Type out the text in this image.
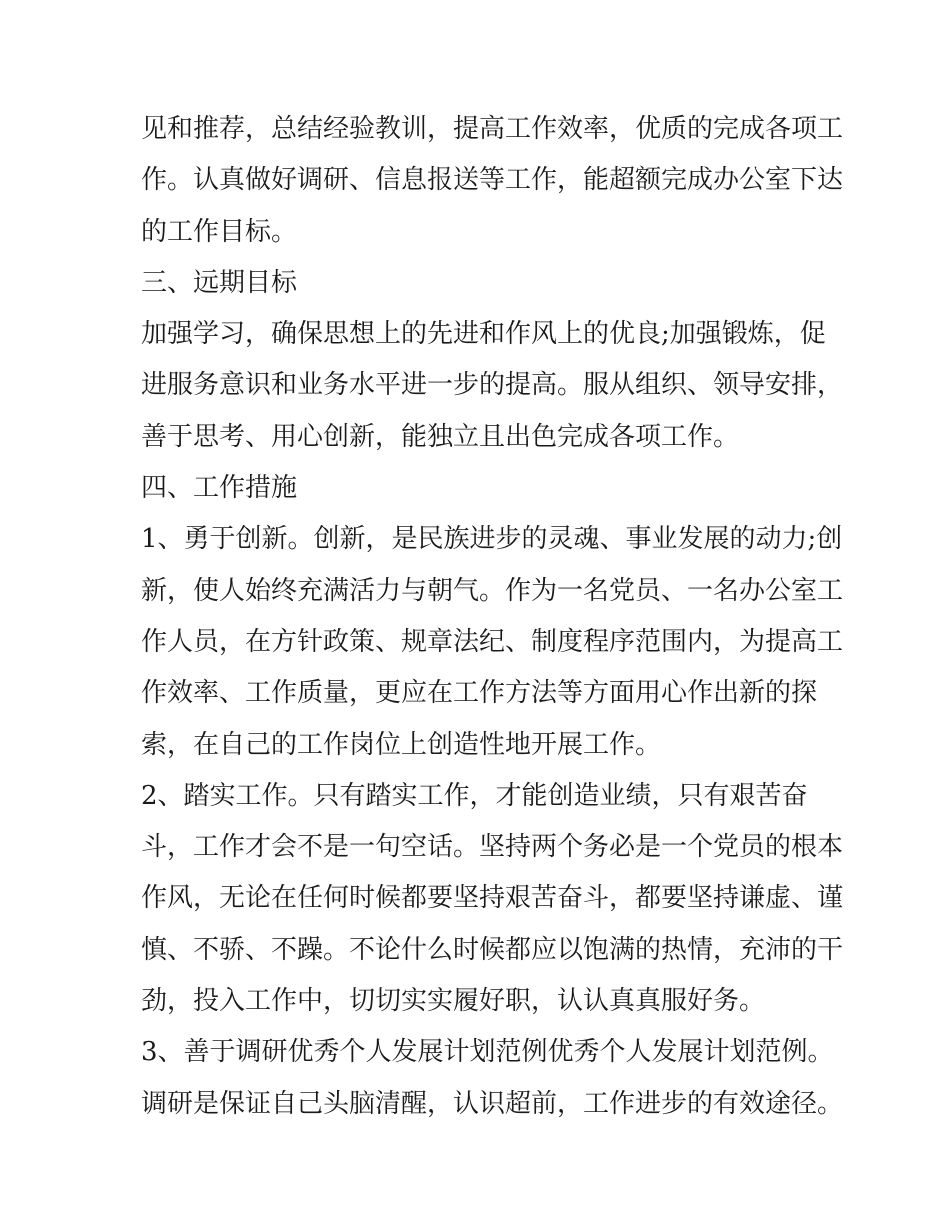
见和推荐，总结经验教训，提高工作效率，优质的完成各项工
作。认真做好调研、信息报送等工作，能超额完成办公室下达
的工作目标。
三、远期目标
加强学习，确保思想上的先进和作风上的优良;加强锻炼，促
进服务意识和业务水平进一步的提高。服从组织、领导安排，
善于思考、用心创新，能独立且出色完成各项工作。
四、工作措施
1、勇于创新。创新，是民族进步的灵魂、事业发展的动力;创
新，使人始终充满活力与朝气。作为一名党员、一名办公室工
作人员，在方针政策、规章法纪、制度程序范围内，为提高工
作效率、工作质量，更应在工作方法等方面用心作出新的探
索，在自己的工作岗位上创造性地开展工作。
2、踏实工作。只有踏实工作，才能创造业绩，只有艰苦奋
斗，工作才会不是一句空话。坚持两个务必是一个党员的根本
作风，无论在任何时候都要坚持艰苦奋斗，都要坚持谦虚、谨
慎、不骄、不躁。不论什么时候都应以饱满的热情，充沛的干
劲，投入工作中，切切实实履好职，认认真真服好务。
3、善于调研优秀个人发展计划范例优秀个人发展计划范例。
调研是保证自己头脑清醒，认识超前，工作进步的有效途径。
